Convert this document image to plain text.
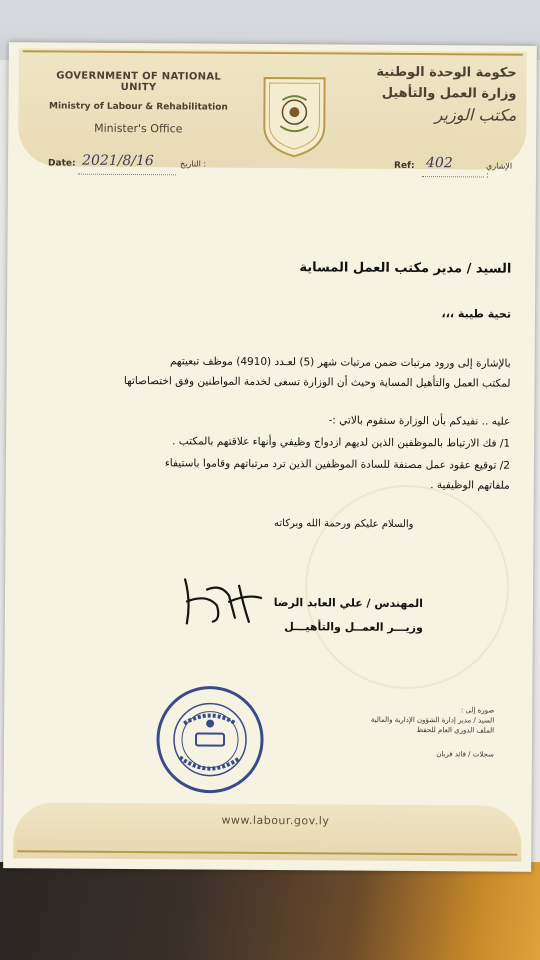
GOVERNMENT OF NATIONAL UNITY
Ministry of Labour & Rehabilitation
Minister's Office
حكومة الوحدة الوطنية
وزارة العمل والتأهيل
مكتب الوزير
Date: 2021/8/16	التاريخ :	Ref: 402	الإشاري :
السيد / مدير مكتب العمل المساية
تحية طيبة ،،،
بالإشارة إلى ورود مرتبات ضمن مرتبات شهر (5) لعـدد (4910) موظف تبعيتهم
لمكتب العمل والتأهيل المساية وحيث أن الوزارة تسعى لخدمة المواطنين وفق اختصاصاتها
عليه .. نفيدكم بأن الوزارة ستقوم بالاتي :-
1/ فك الارتباط بالموظفين الذين لديهم ازدواج وظيفي وأنهاء علاقتهم بالمكتب .
2/ توقيع عقود عمل مصنفة للسادة الموظفين الذين ترد مرتباتهم وقاموا باستيفاء
ملفاتهم الوظيفية .
والسلام عليكم ورحمة الله وبركاته
المهندس / علي العابد الرضا
وزيـــر العمــل والتأهيـــل
صورة إلى :
السيد / مدير إدارة الشؤون الإدارية والمالية
الملف الدوري العام للحفظ
سجلات / قائد قربان
www.labour.gov.ly
